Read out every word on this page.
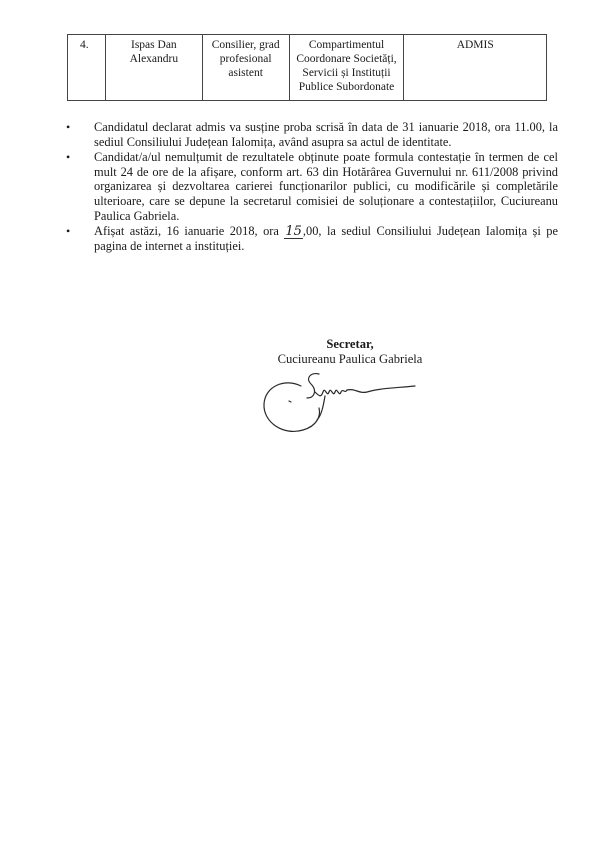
4.	Ispas Dan Alexandru	Consilier, grad profesional asistent	Compartimentul Coordonare Societăți, Servicii și Instituții Publice Subordonate	ADMIS
• Candidatul declarat admis va susține proba scrisă în data de 31 ianuarie 2018, ora 11.00, la sediul Consiliului Județean Ialomița, având asupra sa actul de identitate.
• Candidat/a/ul nemulțumit de rezultatele obținute poate formula contestație în termen de cel mult 24 de ore de la afișare, conform art. 63 din Hotărârea Guvernului nr. 611/2008 privind organizarea și dezvoltarea carierei funcționarilor publici, cu modificările și completările ulterioare, care se depune la secretarul comisiei de soluționare a contestațiilor, Cuciureanu Paulica Gabriela.
• Afișat astăzi, 16 ianuarie 2018, ora 15,00, la sediul Consiliului Județean Ialomița și pe pagina de internet a instituției.
Secretar,
Cuciureanu Paulica Gabriela
